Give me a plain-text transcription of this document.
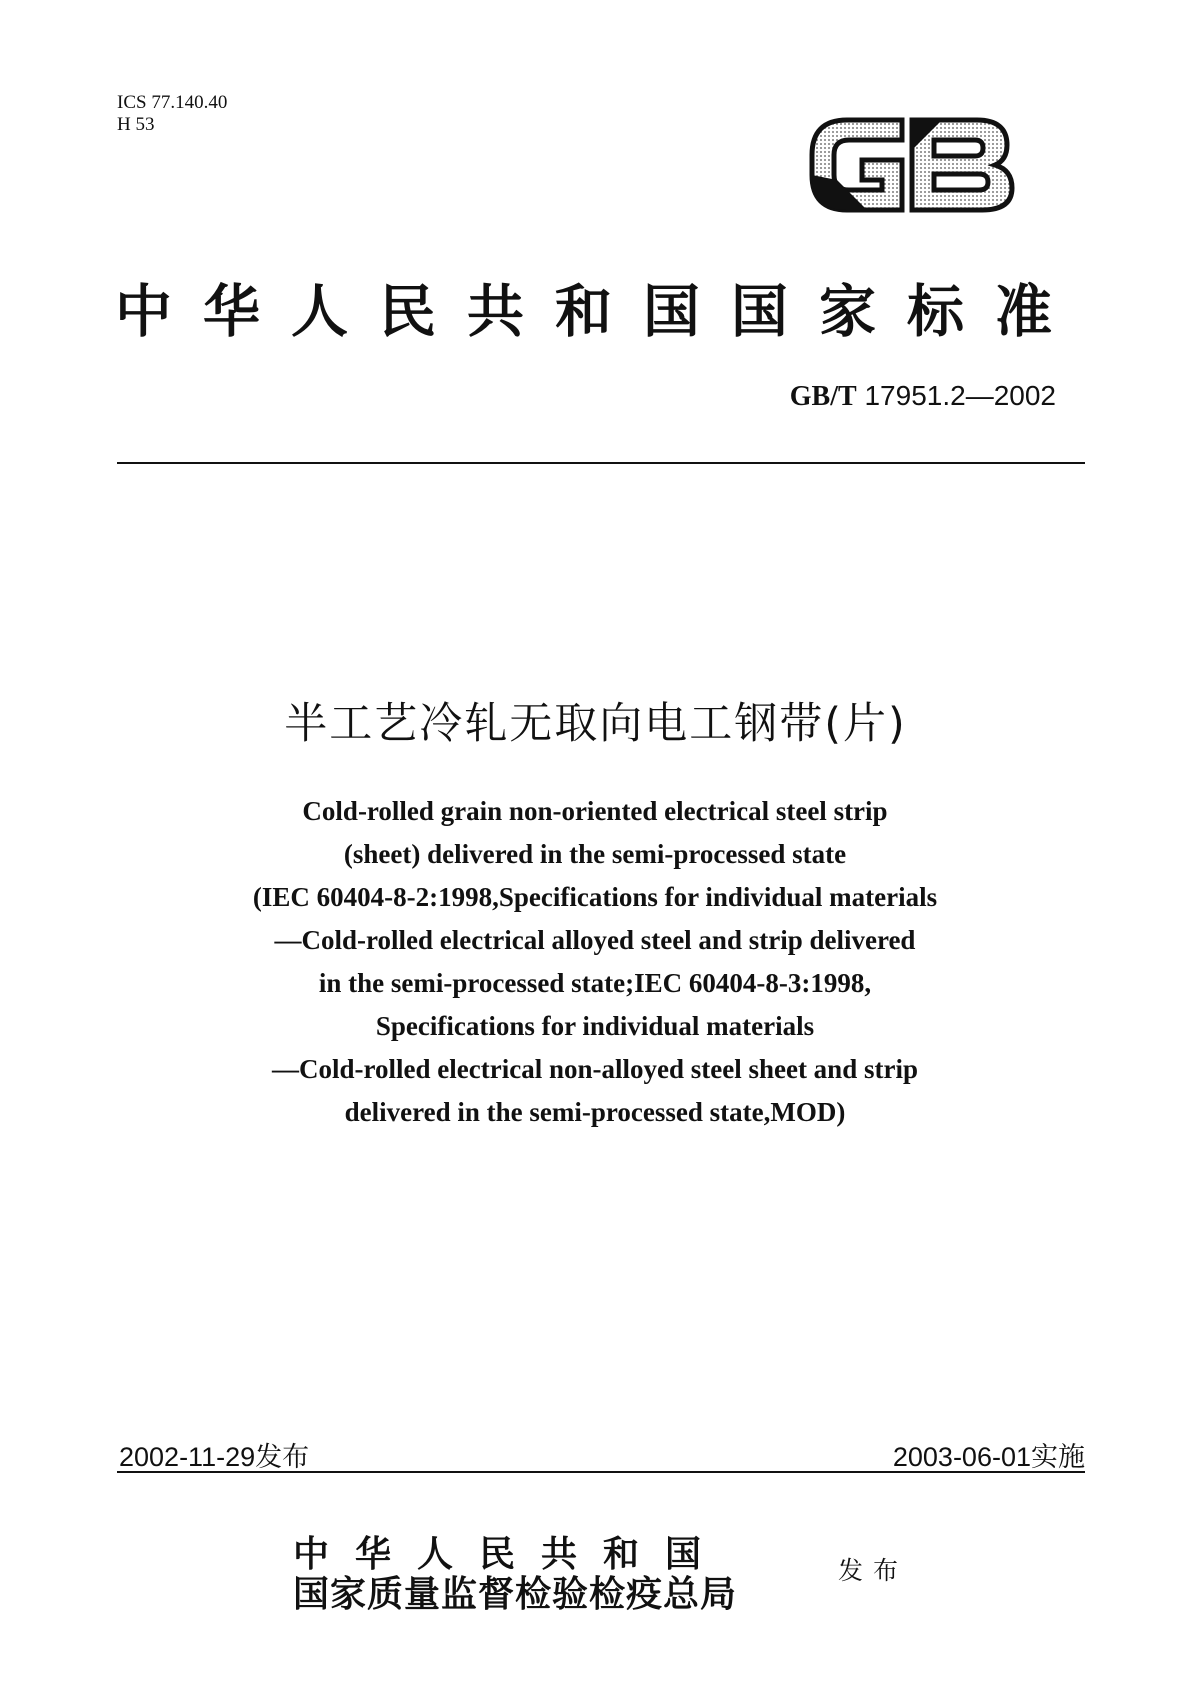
ICS 77.140.40
H 53
中华人民共和国国家标准
GB/T 17951.2—2002
半工艺冷轧无取向电工钢带(片)
Cold-rolled grain non-oriented electrical steel strip
(sheet) delivered in the semi-processed state
(IEC 60404-8-2:1998,Specifications for individual materials
—Cold-rolled electrical alloyed steel and strip delivered
in the semi-processed state;IEC 60404-8-3:1998,
Specifications for individual materials
—Cold-rolled electrical non-alloyed steel sheet and strip
delivered in the semi-processed state,MOD)
2002-11-29发布	2003-06-01实施
中华人民共和国
国家质量监督检验检疫总局
发布
